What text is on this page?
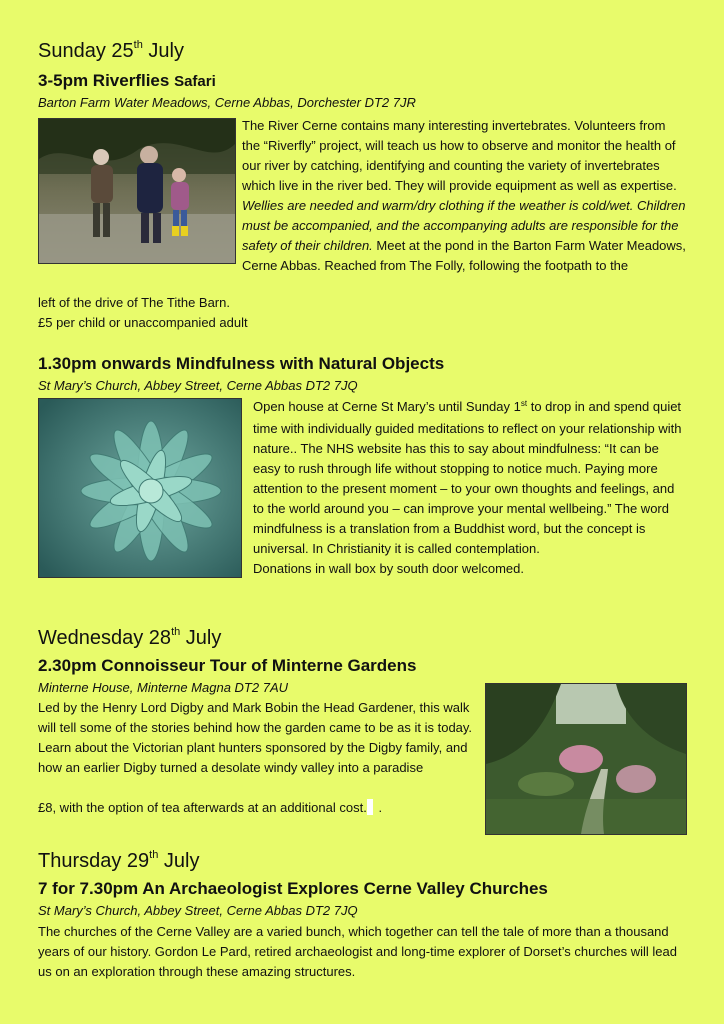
Sunday 25th July
3-5pm Riverflies Safari
Barton Farm Water Meadows, Cerne Abbas, Dorchester DT2 7JR
The River Cerne contains many interesting invertebrates. Volunteers from the “Riverfly” project, will teach us how to observe and monitor the health of our river by catching, identifying and counting the variety of invertebrates which live in the river bed. They will provide equipment as well as expertise. Wellies are needed and warm/dry clothing if the weather is cold/wet. Children must be accompanied, and the accompanying adults are responsible for the safety of their children. Meet at the pond in the Barton Farm Water Meadows, Cerne Abbas. Reached from The Folly, following the footpath to the
left of the drive of The Tithe Barn.
£5 per child or unaccompanied adult
1.30pm onwards Mindfulness with Natural Objects
St Mary’s Church, Abbey Street, Cerne Abbas DT2 7JQ
Open house at Cerne St Mary’s until Sunday 1st to drop in and spend quiet time with individually guided meditations to reflect on your relationship with nature.. The NHS website has this to say about mindfulness: “It can be easy to rush through life without stopping to notice much. Paying more attention to the present moment – to your own thoughts and feelings, and to the world around you – can improve your mental wellbeing.” The word mindfulness is a translation from a Buddhist word, but the concept is universal. In Christianity it is called contemplation.
Donations in wall box by south door welcomed.
Wednesday 28th July
2.30pm Connoisseur Tour of Minterne Gardens
Minterne House, Minterne Magna DT2 7AU
Led by the Henry Lord Digby and Mark Bobin the Head Gardener, this walk will tell some of the stories behind how the garden came to be as it is today. Learn about the Victorian plant hunters sponsored by the Digby family, and how an earlier Digby turned a desolate windy valley into a paradise
£8, with the option of tea afterwards at an additional cost. .
Thursday 29th July
7 for 7.30pm An Archaeologist Explores Cerne Valley Churches
St Mary’s Church, Abbey Street, Cerne Abbas DT2 7JQ
The churches of the Cerne Valley are a varied bunch, which together can tell the tale of more than a thousand years of our history. Gordon Le Pard, retired archaeologist and long-time explorer of Dorset’s churches will lead us on an exploration through these amazing structures.
